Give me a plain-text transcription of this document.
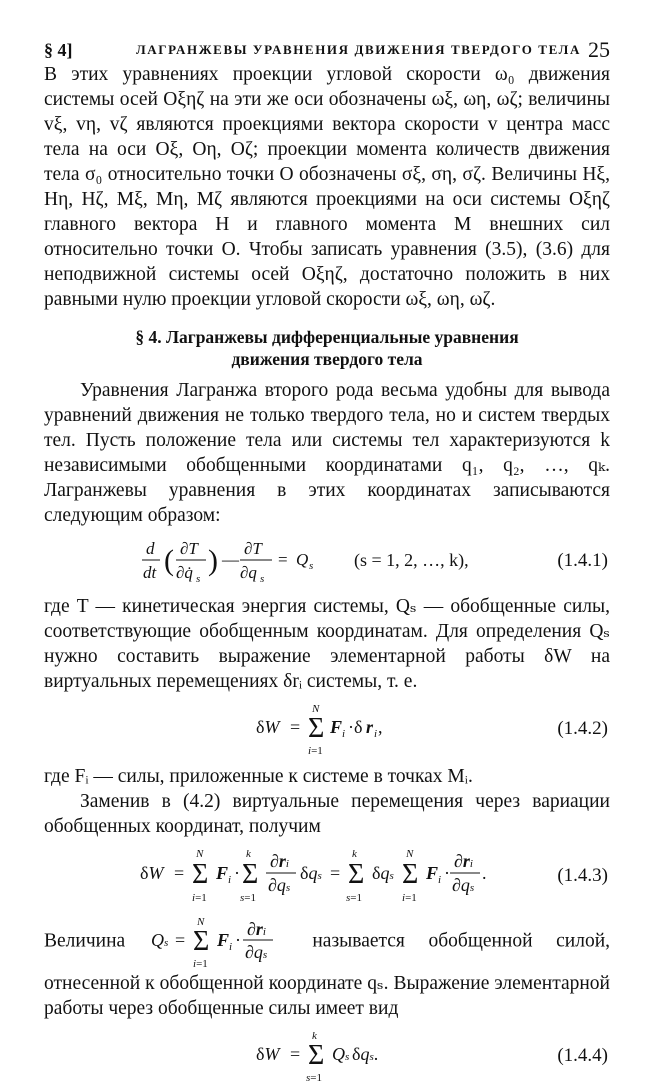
§ 4]	ЛАГРАНЖЕВЫ УРАВНЕНИЯ ДВИЖЕНИЯ ТВЕРДОГО ТЕЛА 25

В этих уравнениях проекции угловой скорости ω₀ движения системы осей Oξηζ на эти же оси обозначены ωξ, ωη, ωζ; величины vξ, vη, vζ являются проекциями вектора скорости v центра масс тела на оси Oξ, Oη, Oζ; проекции момента количеств движения тела σ₀ относительно точки O обозначены σξ, ση, σζ. Величины Hξ, Hη, Hζ, Mξ, Mη, Mζ являются проекциями на оси системы Oξηζ главного вектора H и главного момента M внешних сил относительно точки O. Чтобы записать уравнения (3.5), (3.6) для неподвижной системы осей Oξηζ, достаточно положить в них равными нулю проекции угловой скорости ωξ, ωη, ωζ.

§ 4. Лагранжевы дифференциальные уравнения
движения твердого тела

Уравнения Лагранжа второго рода весьма удобны для вывода уравнений движения не только твердого тела, но и систем твердых тел. Пусть положение тела или системы тел характеризуются k независимыми обобщенными координатами q₁, q₂, …, qₖ. Лагранжевы уравнения в этих координатах записываются следующим образом:

d
dt ( ∂T
∂q̇ s
) —
∂T
∂q s
= Q s (s = 1, 2, …, k),	(1.4.1)

где T — кинетическая энергия системы, Qₛ — обобщенные силы, соответствующие обобщенным координатам. Для определения Qₛ нужно составить выражение элементарной работы δW на виртуальных перемещениях δrᵢ системы, т. е.

δW =
N
Σ
i=1
F i ·δ r i ,	(1.4.2)

где Fᵢ — силы, приложенные к системе в точках Mᵢ.

Заменив в (4.2) виртуальные перемещения через вариации обобщенных координат, получим

δW =
N
Σ
i=1
F i ·
k
Σ
s=1
∂ri
∂qs
δqs =
k
Σ
s=1
δqs
N
Σ
i=1
F i ·
∂ri
∂qs
.	(1.4.3)

Величина Qs =
N
Σ
i=1
F i ·
∂ri
∂qs
называется обобщенной силой, отнесенной к обобщенной координате qₛ. Выражение элементарной работы через обобщенные силы имеет вид

δW =
k
Σ
s=1
Qs δqs.	(1.4.4)
